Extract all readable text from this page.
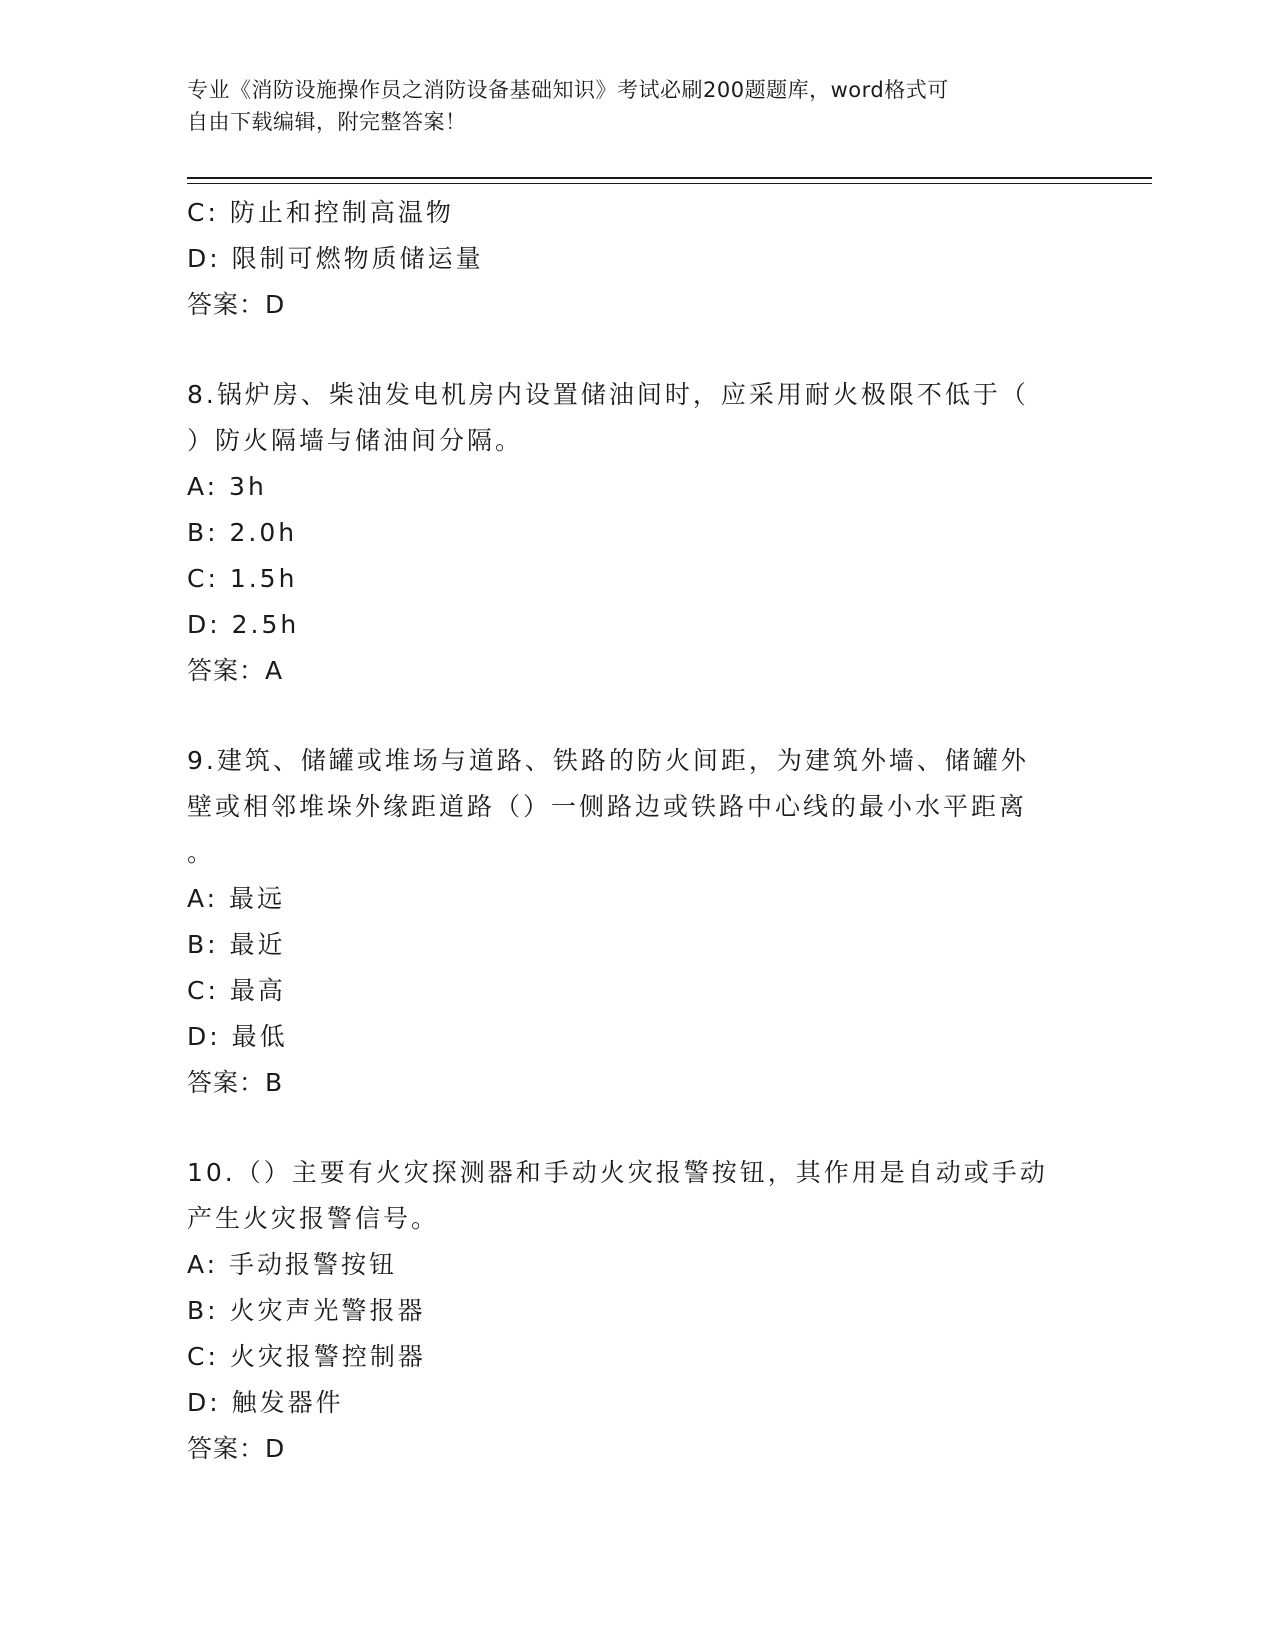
专业《消防设施操作员之消防设备基础知识》考试必刷200题题库，word格式可
自由下载编辑，附完整答案！
C: 防止和控制高温物
D: 限制可燃物质储运量
答案：D
8.锅炉房、柴油发电机房内设置储油间时，应采用耐火极限不低于（
）防火隔墙与储油间分隔。
A: 3h
B: 2.0h
C: 1.5h
D: 2.5h
答案：A
9.建筑、储罐或堆场与道路、铁路的防火间距，为建筑外墙、储罐外
壁或相邻堆垛外缘距道路（）一侧路边或铁路中心线的最小水平距离
。
A: 最远
B: 最近
C: 最高
D: 最低
答案：B
10.（）主要有火灾探测器和手动火灾报警按钮，其作用是自动或手动
产生火灾报警信号。
A: 手动报警按钮
B: 火灾声光警报器
C: 火灾报警控制器
D: 触发器件
答案：D
